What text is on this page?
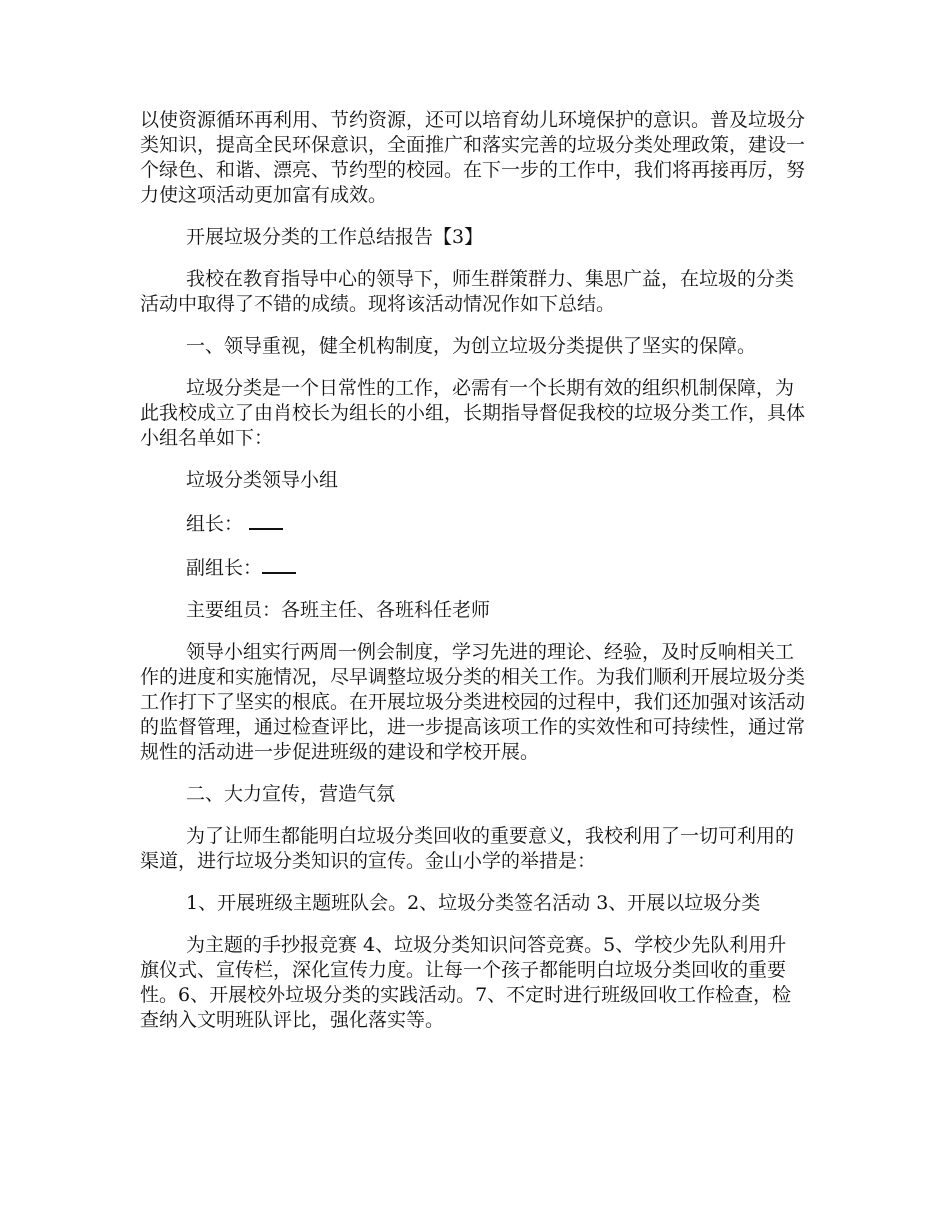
以使资源循环再利用、节约资源，还可以培育幼儿环境保护的意识。普及垃圾分类知识，提高全民环保意识，全面推广和落实完善的垃圾分类处理政策，建设一个绿色、和谐、漂亮、节约型的校园。在下一步的工作中，我们将再接再厉，努力使这项活动更加富有成效。

开展垃圾分类的工作总结报告【3】

我校在教育指导中心的领导下，师生群策群力、集思广益，在垃圾的分类活动中取得了不错的成绩。现将该活动情况作如下总结。

一、领导重视，健全机构制度，为创立垃圾分类提供了坚实的保障。

垃圾分类是一个日常性的工作，必需有一个长期有效的组织机制保障，为此我校成立了由肖校长为组长的小组，长期指导督促我校的垃圾分类工作，具体小组名单如下：

垃圾分类领导小组

组长：

副组长：

主要组员：各班主任、各班科任老师

领导小组实行两周一例会制度，学习先进的理论、经验，及时反响相关工作的进度和实施情况，尽早调整垃圾分类的相关工作。为我们顺利开展垃圾分类工作打下了坚实的根底。在开展垃圾分类进校园的过程中，我们还加强对该活动的监督管理，通过检查评比，进一步提高该项工作的实效性和可持续性，通过常规性的活动进一步促进班级的建设和学校开展。

二、大力宣传，营造气氛

为了让师生都能明白垃圾分类回收的重要意义，我校利用了一切可利用的渠道，进行垃圾分类知识的宣传。金山小学的举措是：

1、开展班级主题班队会。2、垃圾分类签名活动 3、开展以垃圾分类

为主题的手抄报竞赛 4、垃圾分类知识问答竞赛。5、学校少先队利用升旗仪式、宣传栏，深化宣传力度。让每一个孩子都能明白垃圾分类回收的重要性。6、开展校外垃圾分类的实践活动。7、不定时进行班级回收工作检查，检查纳入文明班队评比，强化落实等。
